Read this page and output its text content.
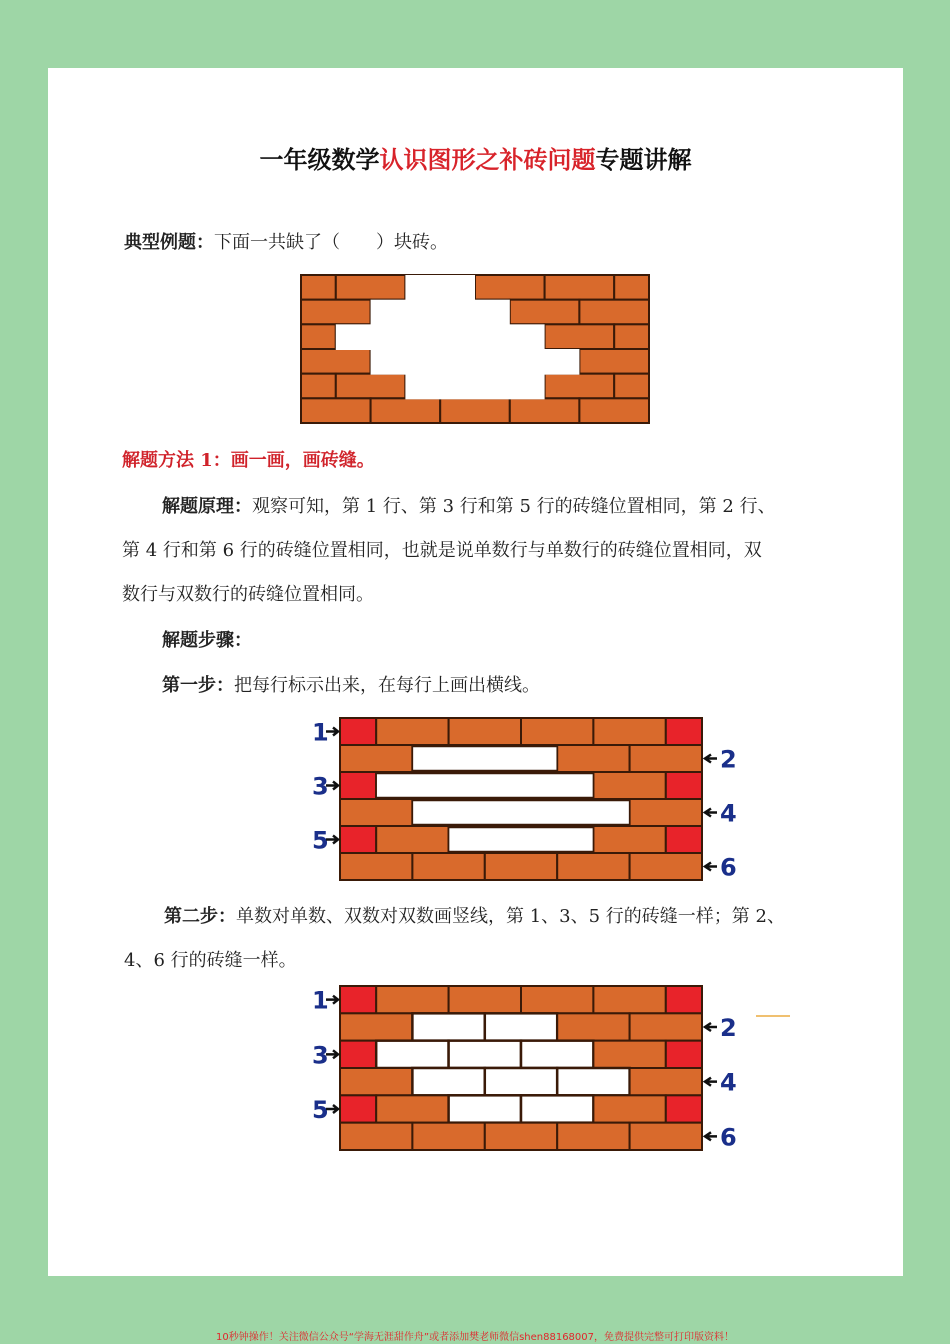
一年级数学认识图形之补砖问题专题讲解
典型例题：下面一共缺了（　　）块砖。
解题方法 1：画一画，画砖缝。
解题原理：观察可知，第 1 行、第 3 行和第 5 行的砖缝位置相同，第 2 行、
第 4 行和第 6 行的砖缝位置相同，也就是说单数行与单数行的砖缝位置相同，双
数行与双数行的砖缝位置相同。
解题步骤：
第一步：把每行标示出来，在每行上画出横线。
1
2
3
4
5
6
第二步：单数对单数、双数对双数画竖线，第 1、3、5 行的砖缝一样；第 2、
4、6 行的砖缝一样。
1
2
3
4
5
6
10秒钟操作！关注微信公众号“学海无涯甜作舟”或者添加樊老师微信shen88168007，免费提供完整可打印版资料！
